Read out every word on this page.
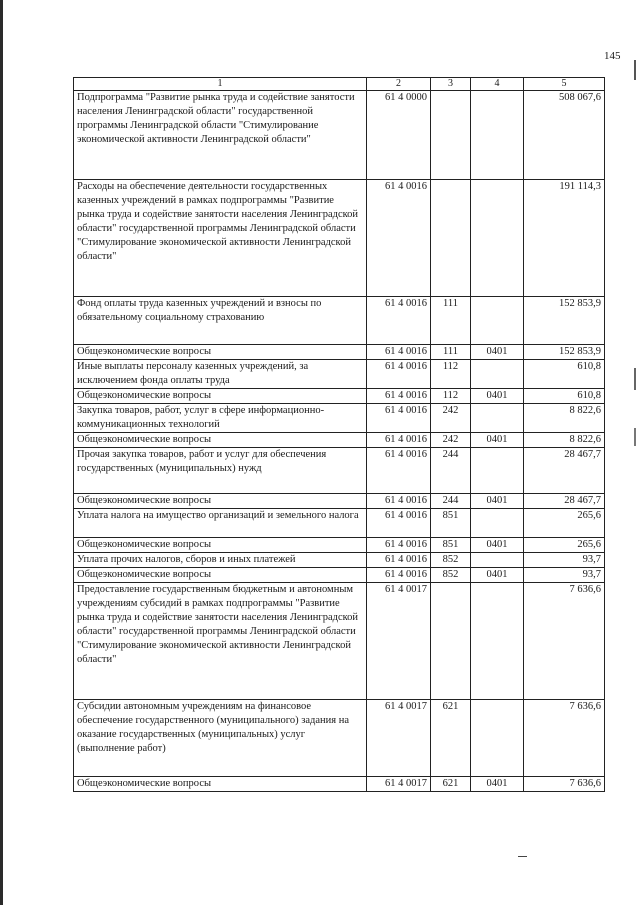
145
1	2	3	4	5
Подпрограмма "Развитие рынка труда и содействие занятости населения Ленинградской области" государственной программы Ленинградской области "Стимулирование экономической активности Ленинградской области"	61 4 0000			508 067,6
Расходы на обеспечение деятельности государственных казенных учреждений в рамках подпрограммы "Развитие рынка труда и содействие занятости населения Ленинградской области" государственной программы Ленинградской области "Стимулирование экономической активности Ленинградской области"	61 4 0016			191 114,3
Фонд оплаты труда казенных учреждений и взносы по обязательному социальному страхованию	61 4 0016	111		152 853,9
Общеэкономические вопросы	61 4 0016	111	0401	152 853,9
Иные выплаты персоналу казенных учреждений, за исключением фонда оплаты труда	61 4 0016	112		610,8
Общеэкономические вопросы	61 4 0016	112	0401	610,8
Закупка товаров, работ, услуг в сфере информационно-коммуникационных технологий	61 4 0016	242		8 822,6
Общеэкономические вопросы	61 4 0016	242	0401	8 822,6
Прочая закупка товаров, работ и услуг для обеспечения государственных (муниципальных) нужд	61 4 0016	244		28 467,7
Общеэкономические вопросы	61 4 0016	244	0401	28 467,7
Уплата налога на имущество организаций и земельного налога	61 4 0016	851		265,6
Общеэкономические вопросы	61 4 0016	851	0401	265,6
Уплата прочих налогов, сборов и иных платежей	61 4 0016	852		93,7
Общеэкономические вопросы	61 4 0016	852	0401	93,7
Предоставление государственным бюджетным и автономным учреждениям субсидий в рамках подпрограммы "Развитие рынка труда и содействие занятости населения Ленинградской области" государственной программы Ленинградской области "Стимулирование экономической активности Ленинградской области"	61 4 0017			7 636,6
Субсидии автономным учреждениям на финансовое обеспечение государственного (муниципального) задания на оказание государственных (муниципальных) услуг (выполнение работ)	61 4 0017	621		7 636,6
Общеэкономические вопросы	61 4 0017	621	0401	7 636,6
